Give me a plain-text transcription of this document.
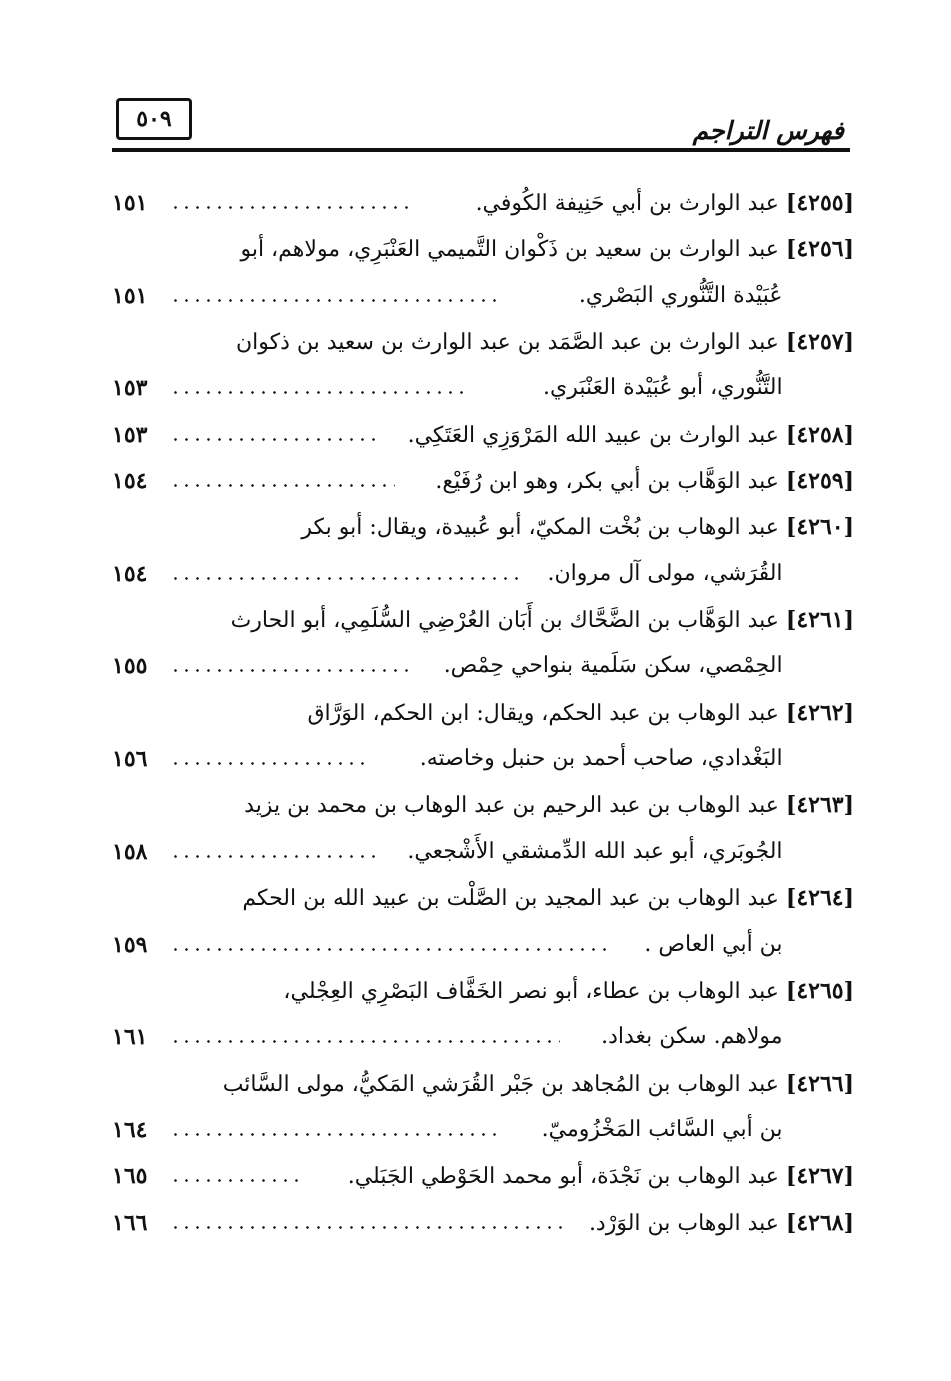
٥٠٩	فهرس التراجم
[٤٢٥٥] عبد الوارث بن أبي حَنِيفة الكُوفي.
١٥١
[٤٢٥٦] عبد الوارث بن سعيد بن ذَكْوان التَّميمي العَنْبَرِي، مولاهم، أبو
عُبَيْدة التَّنُّوري البَصْري.
١٥١
[٤٢٥٧] عبد الوارث بن عبد الصَّمَد بن عبد الوارث بن سعيد بن ذكوان
التَّنُّوري، أبو عُبَيْدة العَنْبَري.
١٥٣
[٤٢٥٨] عبد الوارث بن عبيد الله المَرْوَزِي العَتَكِي.
١٥٣
[٤٢٥٩] عبد الوَهَّاب بن أبي بكر، وهو ابن رُفَيْع.
١٥٤
[٤٢٦٠] عبد الوهاب بن بُخْت المكيّ، أبو عُبيدة، ويقال: أبو بكر
القُرَشي، مولى آل مروان.
١٥٤
[٤٢٦١] عبد الوَهَّاب بن الضَّحَّاك بن أَبَان العُرْضِي السُّلَمِي، أبو الحارث
الحِمْصي، سكن سَلَمية بنواحي حِمْص.
١٥٥
[٤٢٦٢] عبد الوهاب بن عبد الحكم، ويقال: ابن الحكم، الوَرَّاق
البَغْدادي، صاحب أحمد بن حنبل وخاصته.
١٥٦
[٤٢٦٣] عبد الوهاب بن عبد الرحيم بن عبد الوهاب بن محمد بن يزيد
الجُوبَري، أبو عبد الله الدِّمشقي الأَشْجعي.
١٥٨
[٤٢٦٤] عبد الوهاب بن عبد المجيد بن الصَّلْت بن عبيد الله بن الحكم
بن أبي العاص .
١٥٩
[٤٢٦٥] عبد الوهاب بن عطاء، أبو نصر الخَفَّاف البَصْرِي العِجْلي،
مولاهم. سكن بغداد.
١٦١
[٤٢٦٦] عبد الوهاب بن المُجاهد بن جَبْر القُرَشي المَكيُّ، مولى السَّائب
بن أبي السَّائب المَخْزُوميّ.
١٦٤
[٤٢٦٧] عبد الوهاب بن نَجْدَة، أبو محمد الحَوْطي الجَبَلي.
١٦٥
[٤٢٦٨] عبد الوهاب بن الوَرْد.
١٦٦
